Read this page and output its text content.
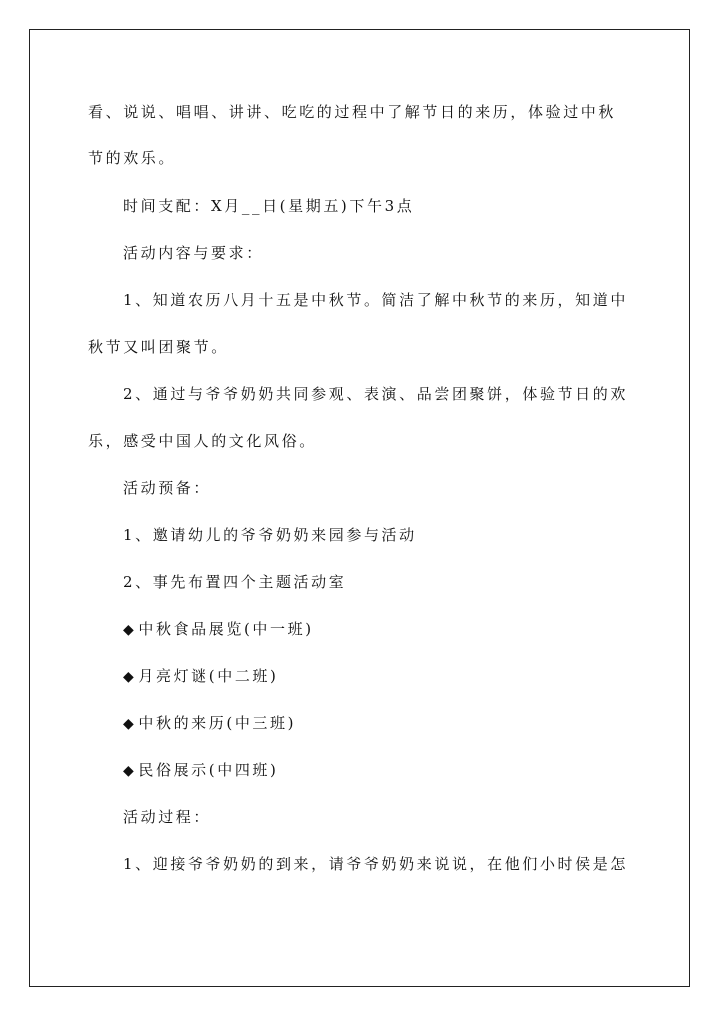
看、说说、唱唱、讲讲、吃吃的过程中了解节日的来历，体验过中秋
节的欢乐。
时间支配：X月__日(星期五)下午3点
活动内容与要求：
1、知道农历八月十五是中秋节。简洁了解中秋节的来历，知道中
秋节又叫团聚节。
2、通过与爷爷奶奶共同参观、表演、品尝团聚饼，体验节日的欢
乐，感受中国人的文化风俗。
活动预备：
1、邀请幼儿的爷爷奶奶来园参与活动
2、事先布置四个主题活动室
◆ 中秋食品展览(中一班)
◆ 月亮灯谜(中二班)
◆ 中秋的来历(中三班)
◆ 民俗展示(中四班)
活动过程：
1、迎接爷爷奶奶的到来，请爷爷奶奶来说说，在他们小时侯是怎
